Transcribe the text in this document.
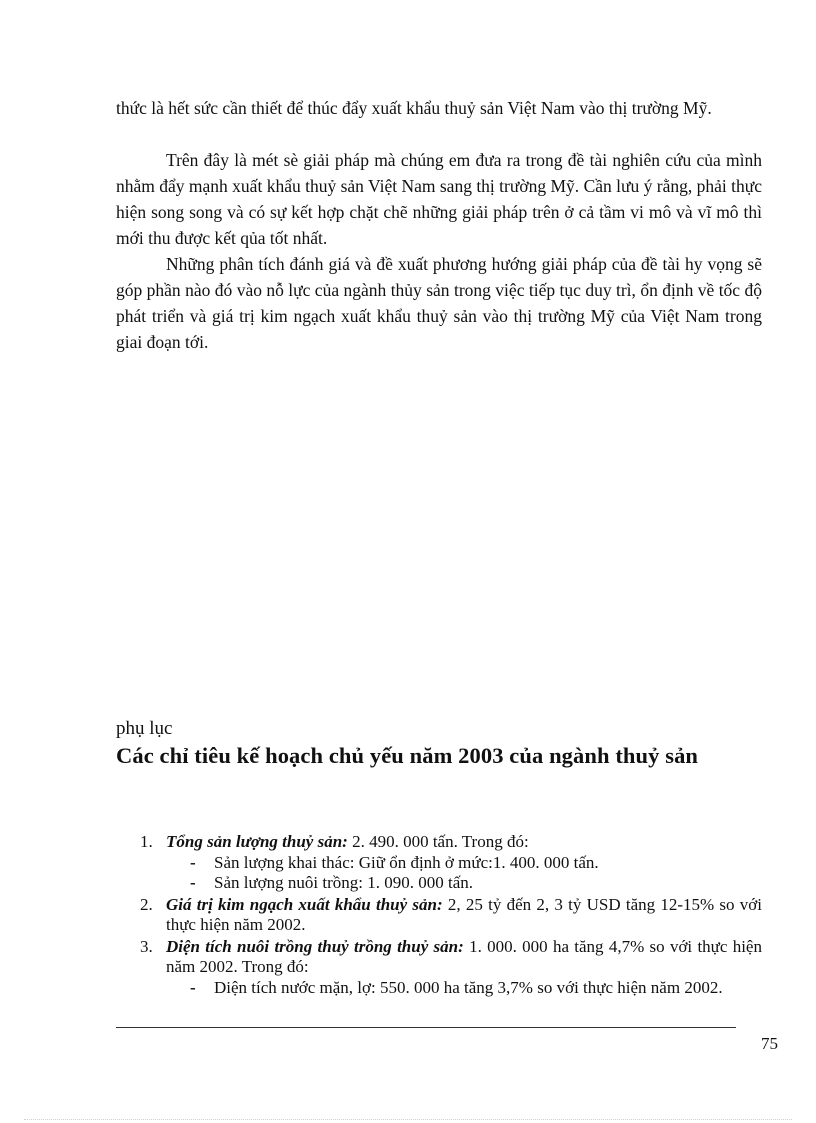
thức là hết sức cần thiết để thúc đẩy xuất khẩu thuỷ sản Việt Nam vào thị trường Mỹ.

Trên đây là mét sè giải pháp mà chúng em đưa ra trong đề tài nghiên cứu của mình nhằm đẩy mạnh xuất khẩu thuỷ sản Việt Nam sang thị trường Mỹ. Cần lưu ý rằng, phải thực hiện song song và có sự kết hợp chặt chẽ những giải pháp trên ở cả tầm vi mô và vĩ mô thì mới thu được kết qủa tốt nhất.

Những phân tích đánh giá và đề xuất phương hướng giải pháp của đề tài hy vọng sẽ góp phần nào đó vào nỗ lực của ngành thủy sản trong việc tiếp tục duy trì, ổn định về tốc độ phát triển và giá trị kim ngạch xuất khẩu thuỷ sản vào thị trường Mỹ của Việt Nam trong giai đoạn tới.

phụ lục

Các chỉ tiêu kế hoạch chủ yếu năm 2003 của ngành thuỷ sản
1. Tổng sản lượng thuỷ sản: 2. 490. 000 tấn. Trong đó:
- Sản lượng khai thác: Giữ ổn định ở mức:1. 400. 000 tấn.
- Sản lượng nuôi trồng: 1. 090. 000 tấn.
2. Giá trị kim ngạch xuất khẩu thuỷ sản: 2, 25 tỷ đến 2, 3 tỷ USD tăng 12-15% so với thực hiện năm 2002.
3. Diện tích nuôi trồng thuỷ trồng thuỷ sản: 1. 000. 000 ha tăng 4,7% so với thực hiện năm 2002. Trong đó:
- Diện tích nước mặn, lợ: 550. 000 ha tăng 3,7% so với thực hiện năm 2002.

75
